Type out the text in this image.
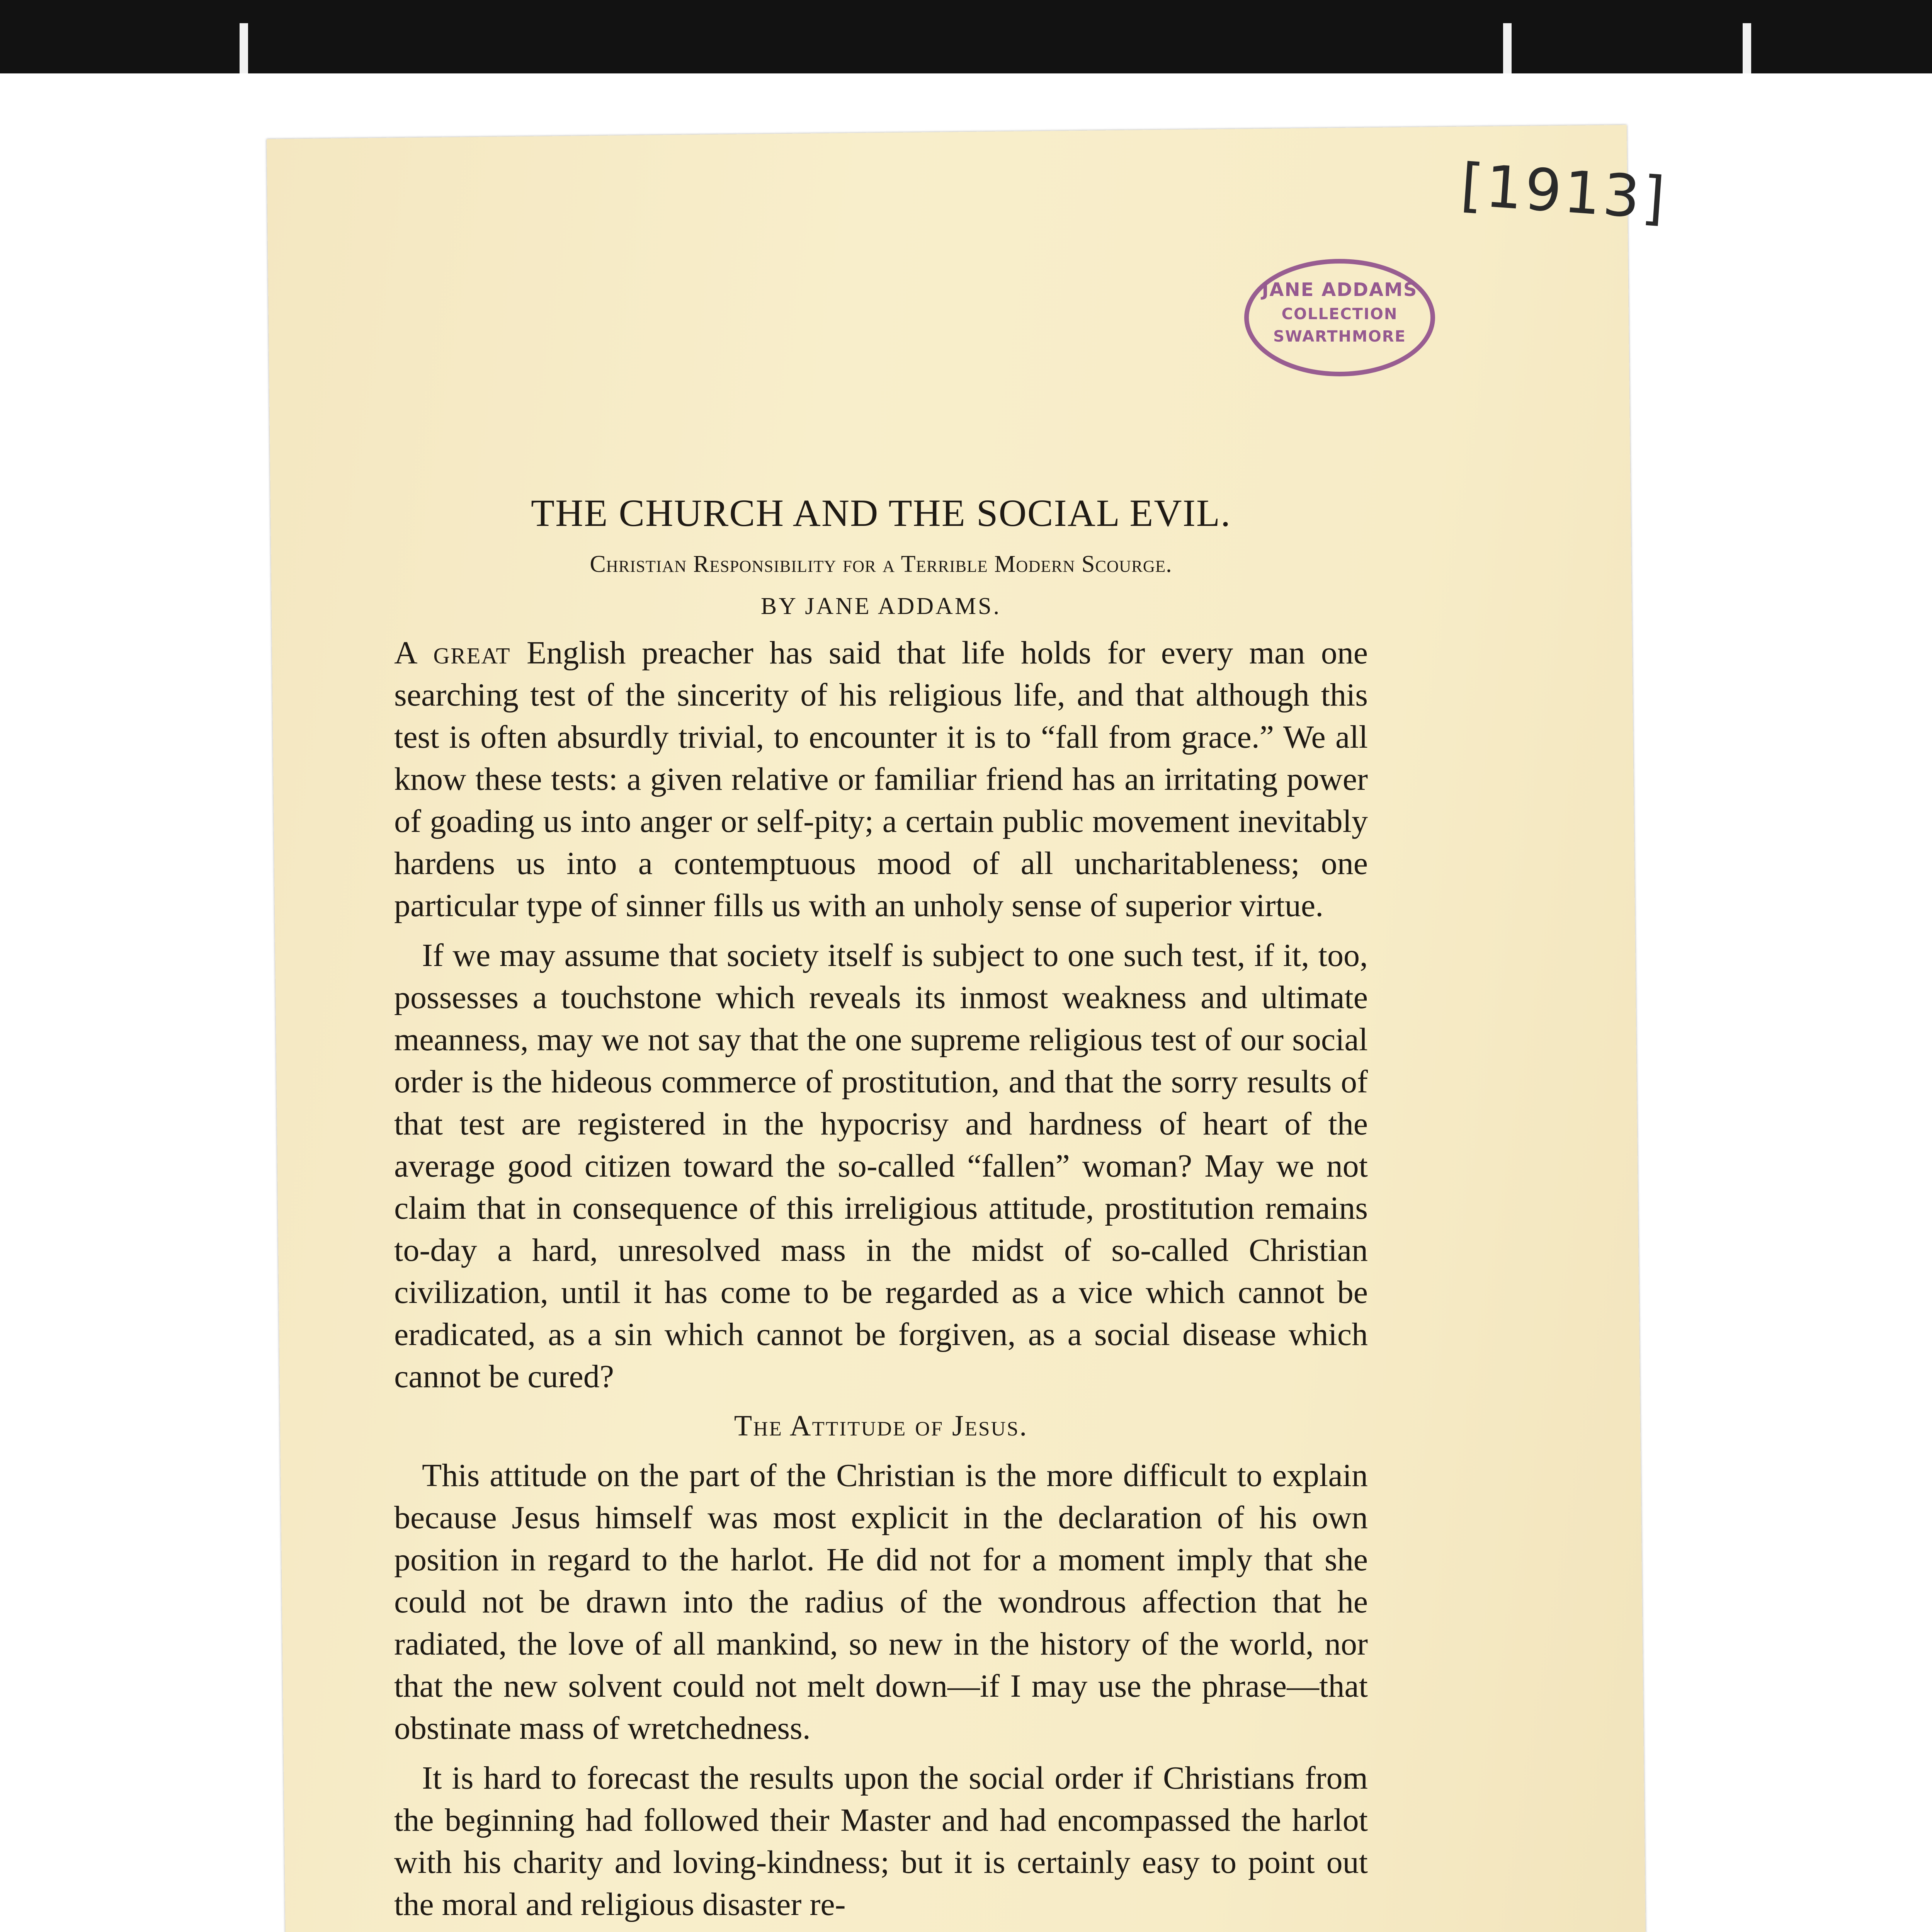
[1913]
JANE ADDAMS
COLLECTION
SWARTHMORE
THE CHURCH AND THE SOCIAL EVIL.
Christian Responsibility for a Terrible Modern Scourge.
BY JANE ADDAMS.

A great English preacher has said that life holds for every man one searching test of the sincerity of his religious life, and that although this test is often absurdly trivial, to encounter it is to “fall from grace.” We all know these tests: a given relative or familiar friend has an irritating power of goading us into anger or self-pity; a certain public movement inevitably hardens us into a contemptuous mood of all uncharitableness; one particular type of sinner fills us with an unholy sense of superior virtue.

If we may assume that society itself is subject to one such test, if it, too, possesses a touchstone which reveals its inmost weakness and ultimate meanness, may we not say that the one supreme religious test of our social order is the hideous commerce of prostitution, and that the sorry results of that test are registered in the hypocrisy and hardness of heart of the average good citizen toward the so-called “fallen” woman? May we not claim that in consequence of this irreligious attitude, prostitution remains to-day a hard, unresolved mass in the midst of so-called Christian civilization, until it has come to be regarded as a vice which cannot be eradicated, as a sin which cannot be forgiven, as a social disease which cannot be cured?

The Attitude of Jesus.

This attitude on the part of the Christian is the more difficult to explain because Jesus himself was most explicit in the declaration of his own position in regard to the harlot. He did not for a moment imply that she could not be drawn into the radius of the wondrous affection that he radiated, the love of all mankind, so new in the history of the world, nor that the new solvent could not melt down—if I may use the phrase—that obstinate mass of wretchedness.

It is hard to forecast the results upon the social order if Christians from the beginning had followed their Master and had encompassed the harlot with his charity and loving-kindness; but it is certainly easy to point out the moral and religious disaster re-
